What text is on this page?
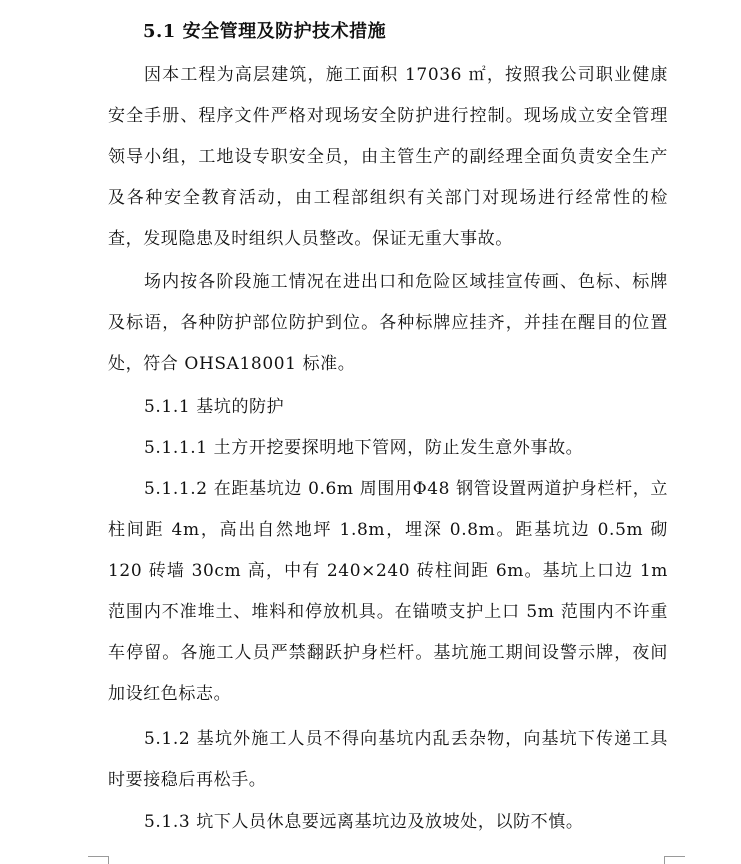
5.1 安全管理及防护技术措施

因本工程为高层建筑，施工面积 17036 ㎡，按照我公司职业健康安全手册、程序文件严格对现场安全防护进行控制。现场成立安全管理领导小组，工地设专职安全员，由主管生产的副经理全面负责安全生产及各种安全教育活动，由工程部组织有关部门对现场进行经常性的检查，发现隐患及时组织人员整改。保证无重大事故。

场内按各阶段施工情况在进出口和危险区域挂宣传画、色标、标牌及标语，各种防护部位防护到位。各种标牌应挂齐，并挂在醒目的位置处，符合 OHSA18001 标准。

5.1.1 基坑的防护
5.1.1.1 土方开挖要探明地下管网，防止发生意外事故。

5.1.1.2 在距基坑边 0.6m 周围用Φ48 钢管设置两道护身栏杆，立柱间距 4m，高出自然地坪 1.8m，埋深 0.8m。距基坑边 0.5m 砌 120 砖墙 30cm 高，中有 240×240 砖柱间距 6m。基坑上口边 1m 范围内不准堆土、堆料和停放机具。在锚喷支护上口 5m 范围内不许重车停留。各施工人员严禁翻跃护身栏杆。基坑施工期间设警示牌，夜间加设红色标志。

5.1.2 基坑外施工人员不得向基坑内乱丢杂物，向基坑下传递工具时要接稳后再松手。

5.1.3 坑下人员休息要远离基坑边及放坡处，以防不慎。
